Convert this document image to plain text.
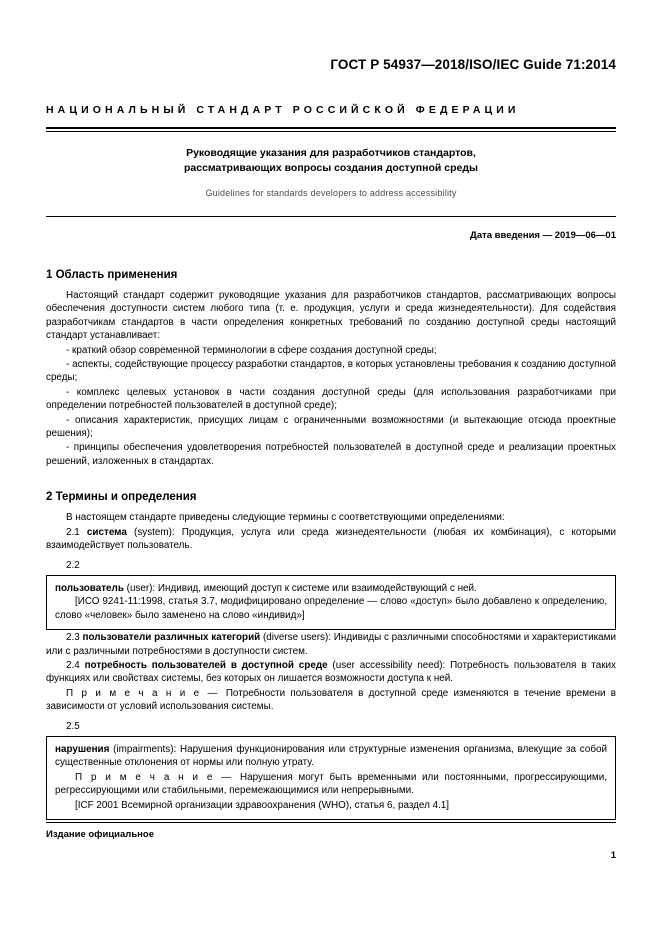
ГОСТ Р 54937—2018/ISO/IEC Guide 71:2014
НАЦИОНАЛЬНЫЙ СТАНДАРТ РОССИЙСКОЙ ФЕДЕРАЦИИ
Руководящие указания для разработчиков стандартов,
рассматривающих вопросы создания доступной среды
Guidelines for standards developers to address accessibility
Дата введения — 2019—06—01
1 Область применения

Настоящий стандарт содержит руководящие указания для разработчиков стандартов, рассматривающих вопросы обеспечения доступности систем любого типа (т. е. продукция, услуги и среда жизнедеятельности). Для содействия разработчикам стандартов в части определения конкретных требований по созданию доступной среды настоящий стандарт устанавливает:

- краткий обзор современной терминологии в сфере создания доступной среды;

- аспекты, содействующие процессу разработки стандартов, в которых установлены требования к созданию доступной среды;

- комплекс целевых установок в части создания доступной среды (для использования разработчиками при определении потребностей пользователей в доступной среде);

- описания характеристик, присущих лицам с ограниченными возможностями (и вытекающие отсюда проектные решения);

- принципы обеспечения удовлетворения потребностей пользователей в доступной среде и реализации проектных решений, изложенных в стандартах.

2 Термины и определения

В настоящем стандарте приведены следующие термины с соответствующими определениями:

2.1 система (system): Продукция, услуга или среда жизнедеятельности (любая их комбинация), с которыми взаимодействует пользователь.

2.2

пользователь (user): Индивид, имеющий доступ к системе или взаимодействующий с ней.

[ИСО 9241-11:1998, статья 3.7, модифицировано определение — слово «доступ» было добавлено к определению, слово «человек» было заменено на слово «индивид»]

2.3 пользователи различных категорий (diverse users): Индивиды с различными способностями и характеристиками или с различными потребностями в доступности систем.

2.4 потребность пользователей в доступной среде (user accessibility need): Потребность пользователя в таких функциях или свойствах системы, без которых он лишается возможности доступа к ней.

П р и м е ч а н и е — Потребности пользователя в доступной среде изменяются в течение времени в зависимости от условий использования системы.

2.5

нарушения (impairments): Нарушения функционирования или структурные изменения организма, влекущие за собой существенные отклонения от нормы или полную утрату.

П р и м е ч а н и е — Нарушения могут быть временными или постоянными, прогрессирующими, регрессирующими или стабильными, перемежающимися или непрерывными.

[ICF 2001 Всемирной организации здравоохранения (WHO), статья 6, раздел 4.1]

Издание официальное
1
